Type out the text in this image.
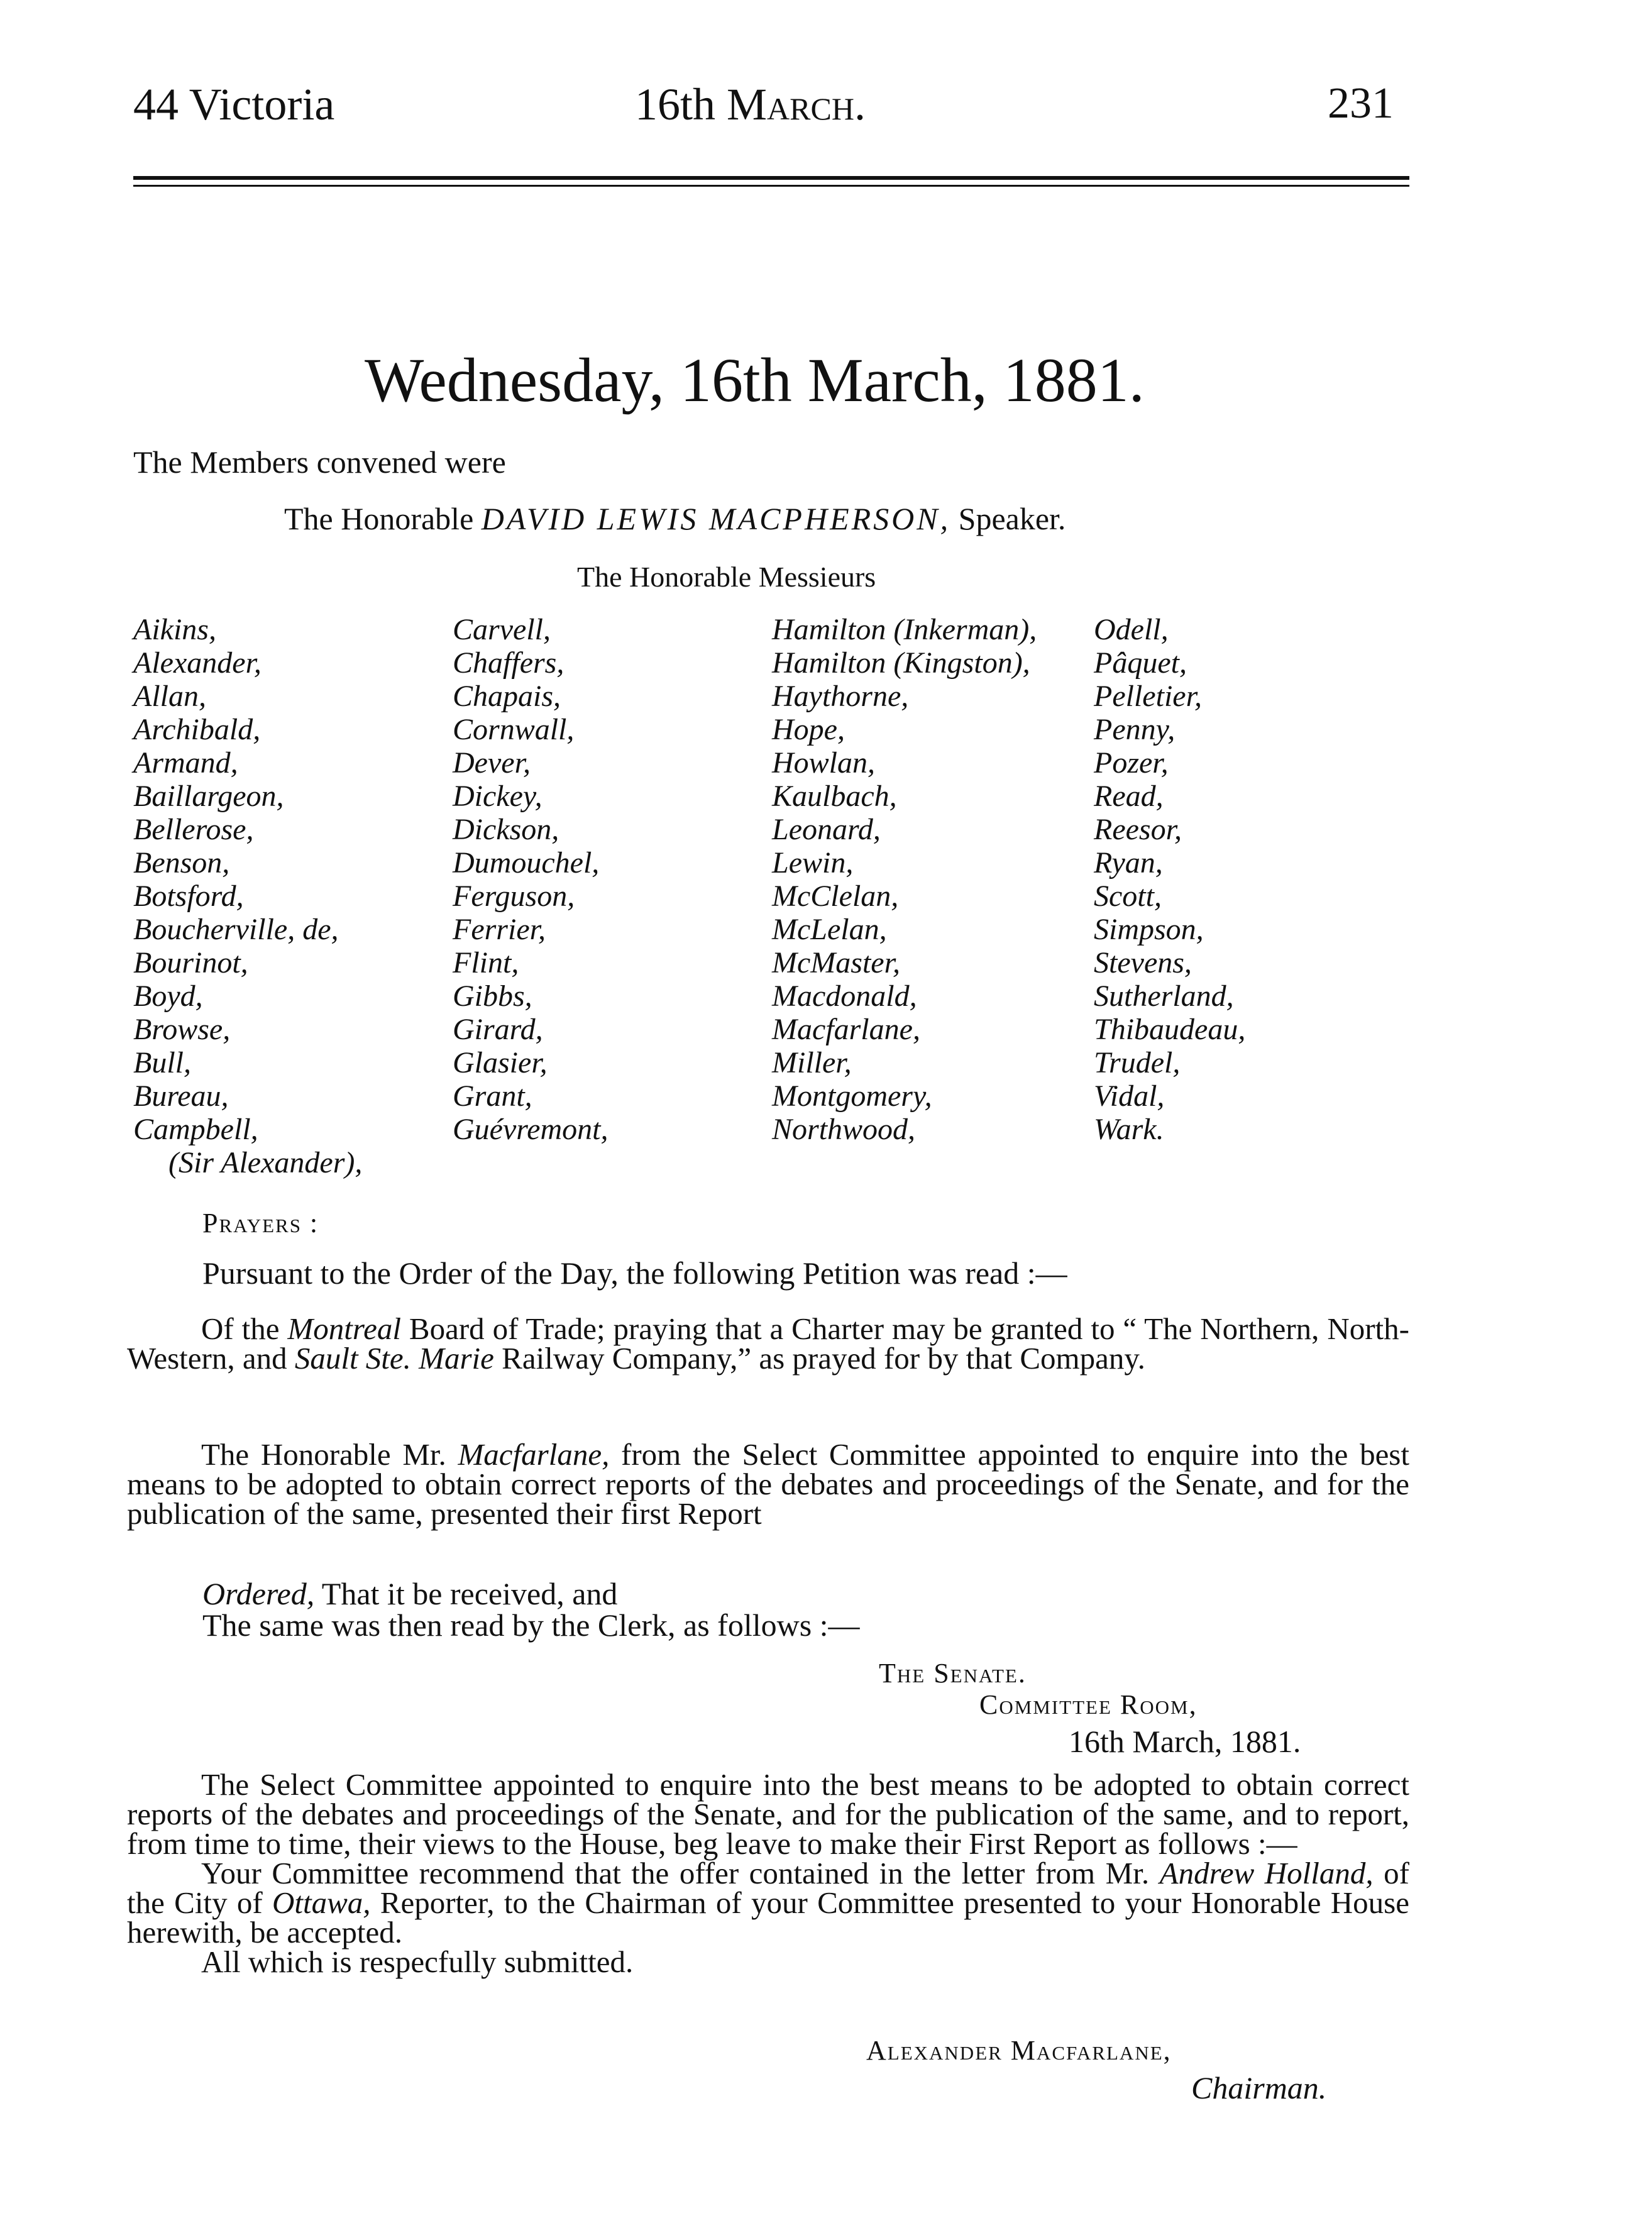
44 Victoria	16th March.	231
Wednesday, 16th March, 1881.
The Members convened were
The Honorable DAVID LEWIS MACPHERSON, Speaker.
The Honorable Messieurs
Aikins,
Alexander,
Allan,
Archibald,
Armand,
Baillargeon,
Bellerose,
Benson,
Botsford,
Boucherville, de,
Bourinot,
Boyd,
Browse,
Bull,
Bureau,
Campbell,
(Sir Alexander),
Carvell,
Chaffers,
Chapais,
Cornwall,
Dever,
Dickey,
Dickson,
Dumouchel,
Ferguson,
Ferrier,
Flint,
Gibbs,
Girard,
Glasier,
Grant,
Guévremont,
Hamilton (Inkerman),
Hamilton (Kingston),
Haythorne,
Hope,
Howlan,
Kaulbach,
Leonard,
Lewin,
McClelan,
McLelan,
McMaster,
Macdonald,
Macfarlane,
Miller,
Montgomery,
Northwood,
Odell,
Pâquet,
Pelletier,
Penny,
Pozer,
Read,
Reesor,
Ryan,
Scott,
Simpson,
Stevens,
Sutherland,
Thibaudeau,
Trudel,
Vidal,
Wark.
Prayers :
Pursuant to the Order of the Day, the following Petition was read :—

Of the Montreal Board of Trade; praying that a Charter may be granted to “ The Northern, North-Western, and Sault Ste. Marie Railway Company,” as prayed for by that Company.

The Honorable Mr. Macfarlane, from the Select Committee appointed to enquire into the best means to be adopted to obtain correct reports of the debates and proceedings of the Senate, and for the publication of the same, presented their first Report

Ordered, That it be received, and
The same was then read by the Clerk, as follows :—
The Senate.
Committee Room,
16th March, 1881.

The Select Committee appointed to enquire into the best means to be adopted to obtain correct reports of the debates and proceedings of the Senate, and for the publication of the same, and to report, from time to time, their views to the House, beg leave to make their First Report as follows :—

Your Committee recommend that the offer contained in the letter from Mr. Andrew Holland, of the City of Ottawa, Reporter, to the Chairman of your Committee presented to your Honorable House herewith, be accepted.

All which is respecfully submitted.

Alexander Macfarlane,
Chairman.
